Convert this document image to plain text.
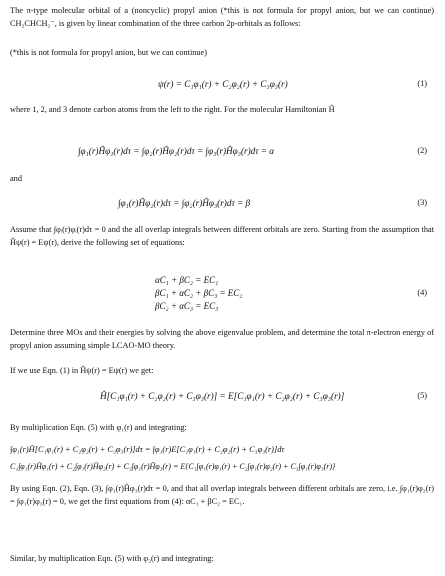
The π-type molecular orbital of a (noncyclic) propyl anion (*this is not formula for propyl anion, but we can continue) CH₂CHCH₂⁻, is given by linear combination of the three carbon 2p-orbitals as follows:
(*this is not formula for propyl anion, but we can continue)
ψ(r) = C₁φ₁(r) + C₂φ₂(r) + C₃φ₃(r)	(1)
where 1, 2, and 3 denote carbon atoms from the left to the right. For the molecular Hamiltonian Ĥ
∫φ₁(r)Ĥφ₁(r)dτ = ∫φ₂(r)Ĥφ₂(r)dτ = ∫φ₃(r)Ĥφ₃(r)dτ = α	(2)
and
∫φ₁(r)Ĥφ₂(r)dτ = ∫φ₂(r)Ĥφ₃(r)dτ = β	(3)
Assume that ∫φᵢ(r)φᵢ(r)dτ = 0 and the all overlap integrals between different orbitals are zero. Starting from the assumption that Ĥψ(r) = Eψ(r), derive the following set of equations:
αC₁ + βC₂ = EC₁
βC₁ + αC₂ + βC₃ = EC₂
βC₂ + αC₃ = EC₃
(4)
Determine three MOs and their energies by solving the above eigenvalue problem, and determine the total π-electron energy of propyl anion assuming simple LCAO-MO theory.
If we use Eqn. (1) in Ĥψ(r) = Eψ(r) we get:
Ĥ[C₁φ₁(r) + C₂φ₂(r) + C₃φ₃(r)] = E[C₁φ₁(r) + C₂φ₂(r) + C₃φ₃(r)]	(5)
By multiplication Eqn. (5) with φ₁(r) and integrating:
∫φ₁(r)Ĥ[C₁φ₁(r) + C₂φ₂(r) + C₃φ₃(r)]dτ = ∫φ₁(r)E[C₁φ₁(r) + C₂φ₂(r) + C₃φ₃(r)]dτ
C₁∫φ₁(r)Ĥφ₁(r) + C₂∫φ₁(r)Ĥφ₂(r) + C₃∫φ₁(r)Ĥφ₃(r) = E{C₁∫φ₁(r)φ₁(r) + C₂∫φ₁(r)φ₂(r) + C₃∫φ₁(r)φ₃(r)}
By using Eqn. (2), Eqn. (3), ∫φ₁(r)Ĥφ₃(r)dτ = 0, and that all overlap integrals between different orbitals are zero, i.e. ∫φ₁(r)φ₂(r) = ∫φ₁(r)φ₃(r) = 0, we get the first equations from (4): αC₁ + βC₂ = EC₁.
Similar, by multiplication Eqn. (5) with φ₂(r) and integrating:
